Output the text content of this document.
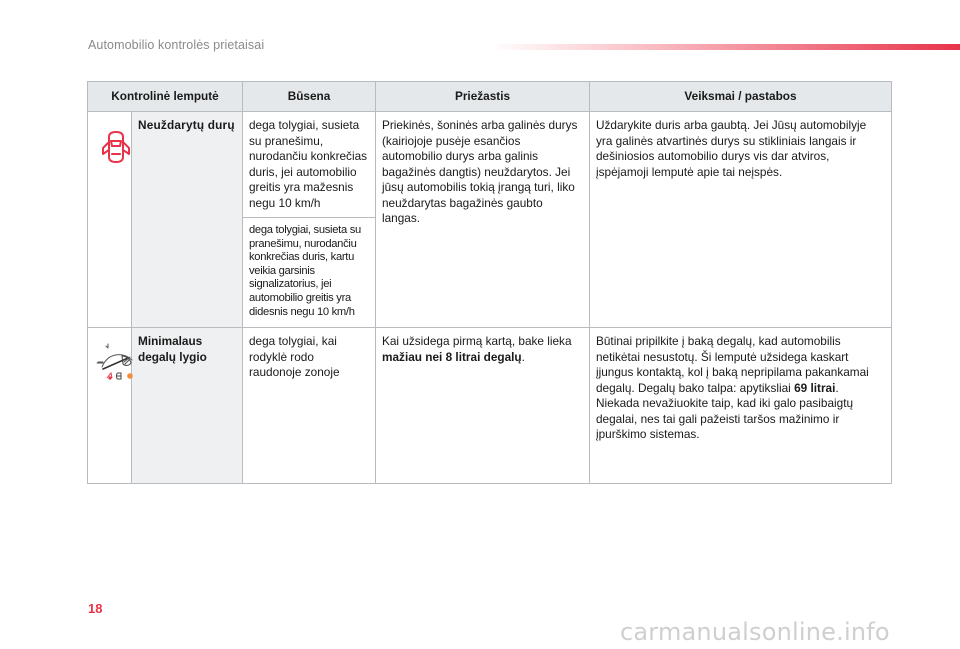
Automobilio kontrolės prietaisai
Kontrolinė lemputė		Būsena	Priežastis	Veiksmai / pastabos

	Neuždarytų durų	dega tolygiai, susieta su pranešimu, nurodančiu konkrečias duris, jei automobilio greitis yra mažesnis negu 10 km/h	Priekinės, šoninės arba galinės durys (kairiojoje pusėje esančios automobilio durys arba galinis bagažinės dangtis) neuždarytos. Jei jūsų automobilis tokią įrangą turi, liko neuždarytas bagažinės gaubto langas.	Uždarykite duris arba gaubtą. Jei Jūsų automobilyje yra galinės atvartinės durys su stikliniais langais ir dešiniosios automobilio durys vis dar atviros, įspėjamoji lemputė apie tai neįspės.
		dega tolygiai, susieta su pranešimu, nurodančiu konkrečias duris, kartu veikia garsinis signalizatorius, jei automobilio greitis yra didesnis negu 10 km/h		

	Minimalaus degalų lygio	dega tolygiai, kai rodyklė rodo raudonoje zonoje	Kai užsidega pirmą kartą, bake lieka mažiau nei 8 litrai degalų.	Būtinai pripilkite į baką degalų, kad automobilis netikėtai nesustotų. Ši lemputė užsidega kaskart įjungus kontaktą, kol į baką nepripilama pakankamai degalų. Degalų bako talpa: apytiksliai 69 litrai. Niekada nevažiuokite taip, kad iki galo pasibaigtų degalai, nes tai gali pažeisti taršos mažinimo ir įpurškimo sistemas.
18
carmanualsonline.info
